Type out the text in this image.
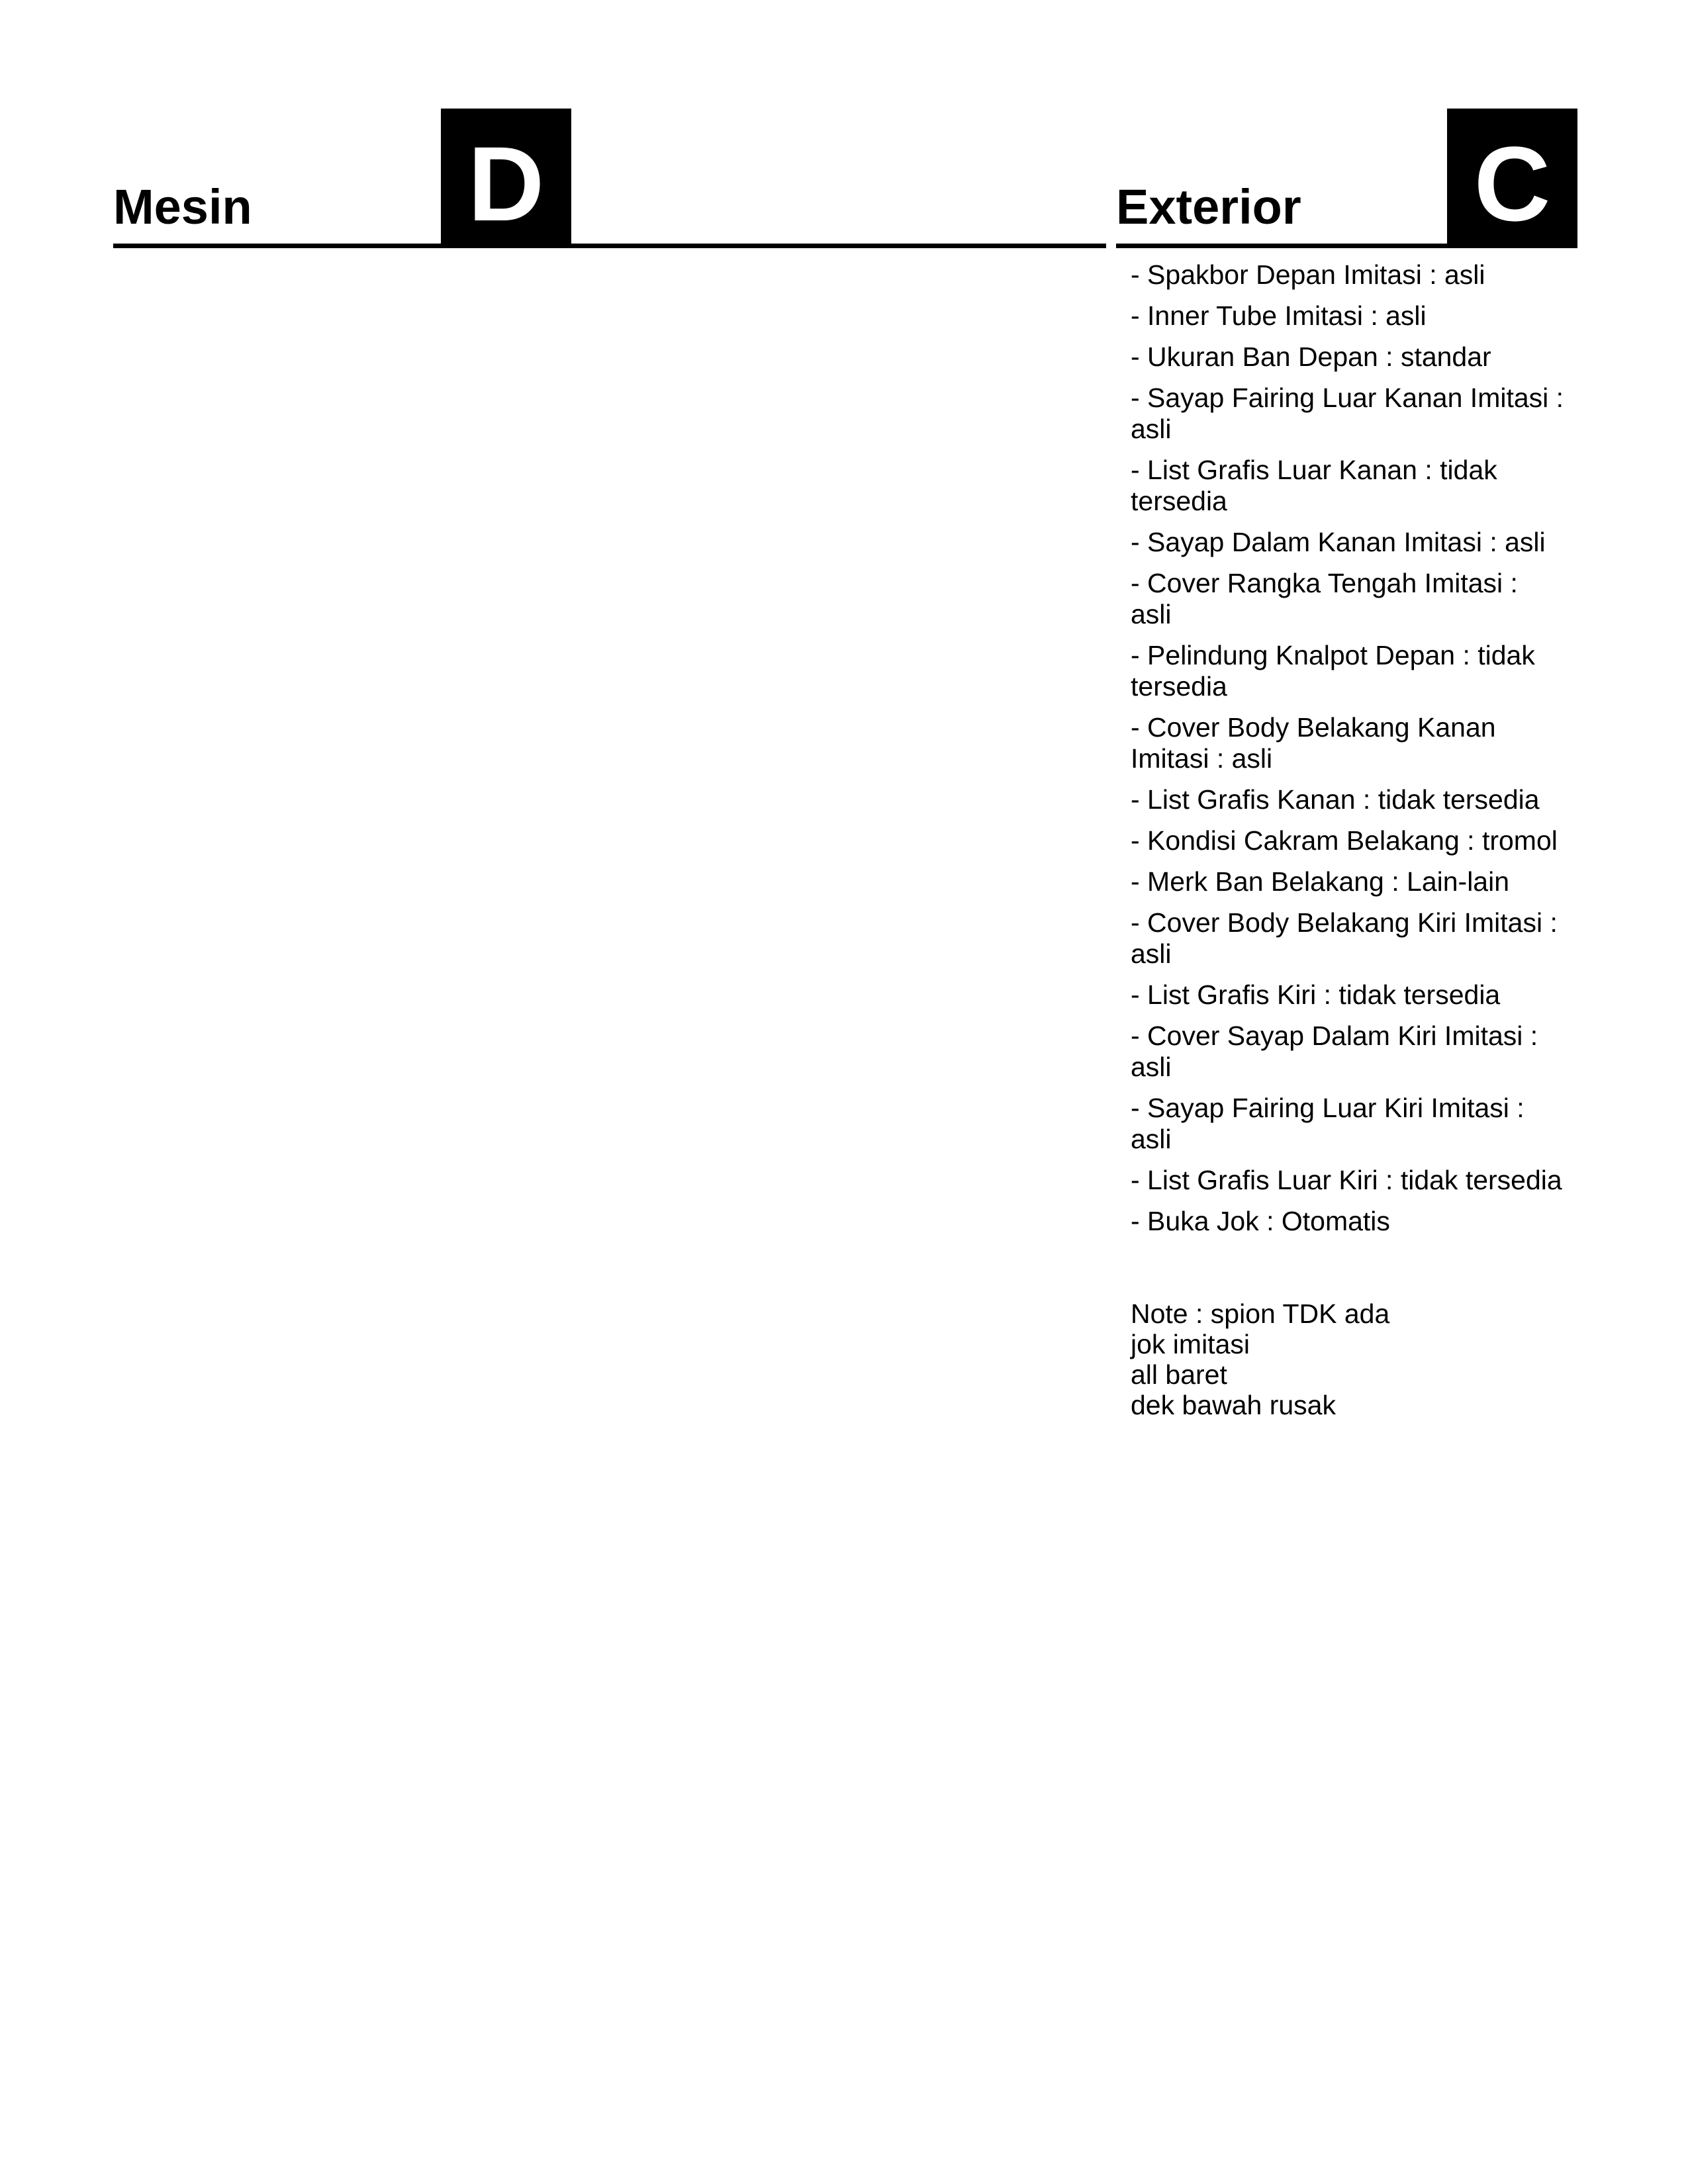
Mesin D	Exterior C
- Spakbor Depan Imitasi : asli
- Inner Tube Imitasi : asli
- Ukuran Ban Depan : standar
- Sayap Fairing Luar Kanan Imitasi : asli
- List Grafis Luar Kanan : tidak tersedia
- Sayap Dalam Kanan Imitasi : asli
- Cover Rangka Tengah Imitasi : asli
- Pelindung Knalpot Depan : tidak tersedia
- Cover Body Belakang Kanan Imitasi : asli
- List Grafis Kanan : tidak tersedia
- Kondisi Cakram Belakang : tromol
- Merk Ban Belakang : Lain-lain
- Cover Body Belakang Kiri Imitasi : asli
- List Grafis Kiri : tidak tersedia
- Cover Sayap Dalam Kiri Imitasi : asli
- Sayap Fairing Luar Kiri Imitasi : asli
- List Grafis Luar Kiri : tidak tersedia
- Buka Jok : Otomatis
Note : spion TDK ada
jok imitasi
all baret
dek bawah rusak
